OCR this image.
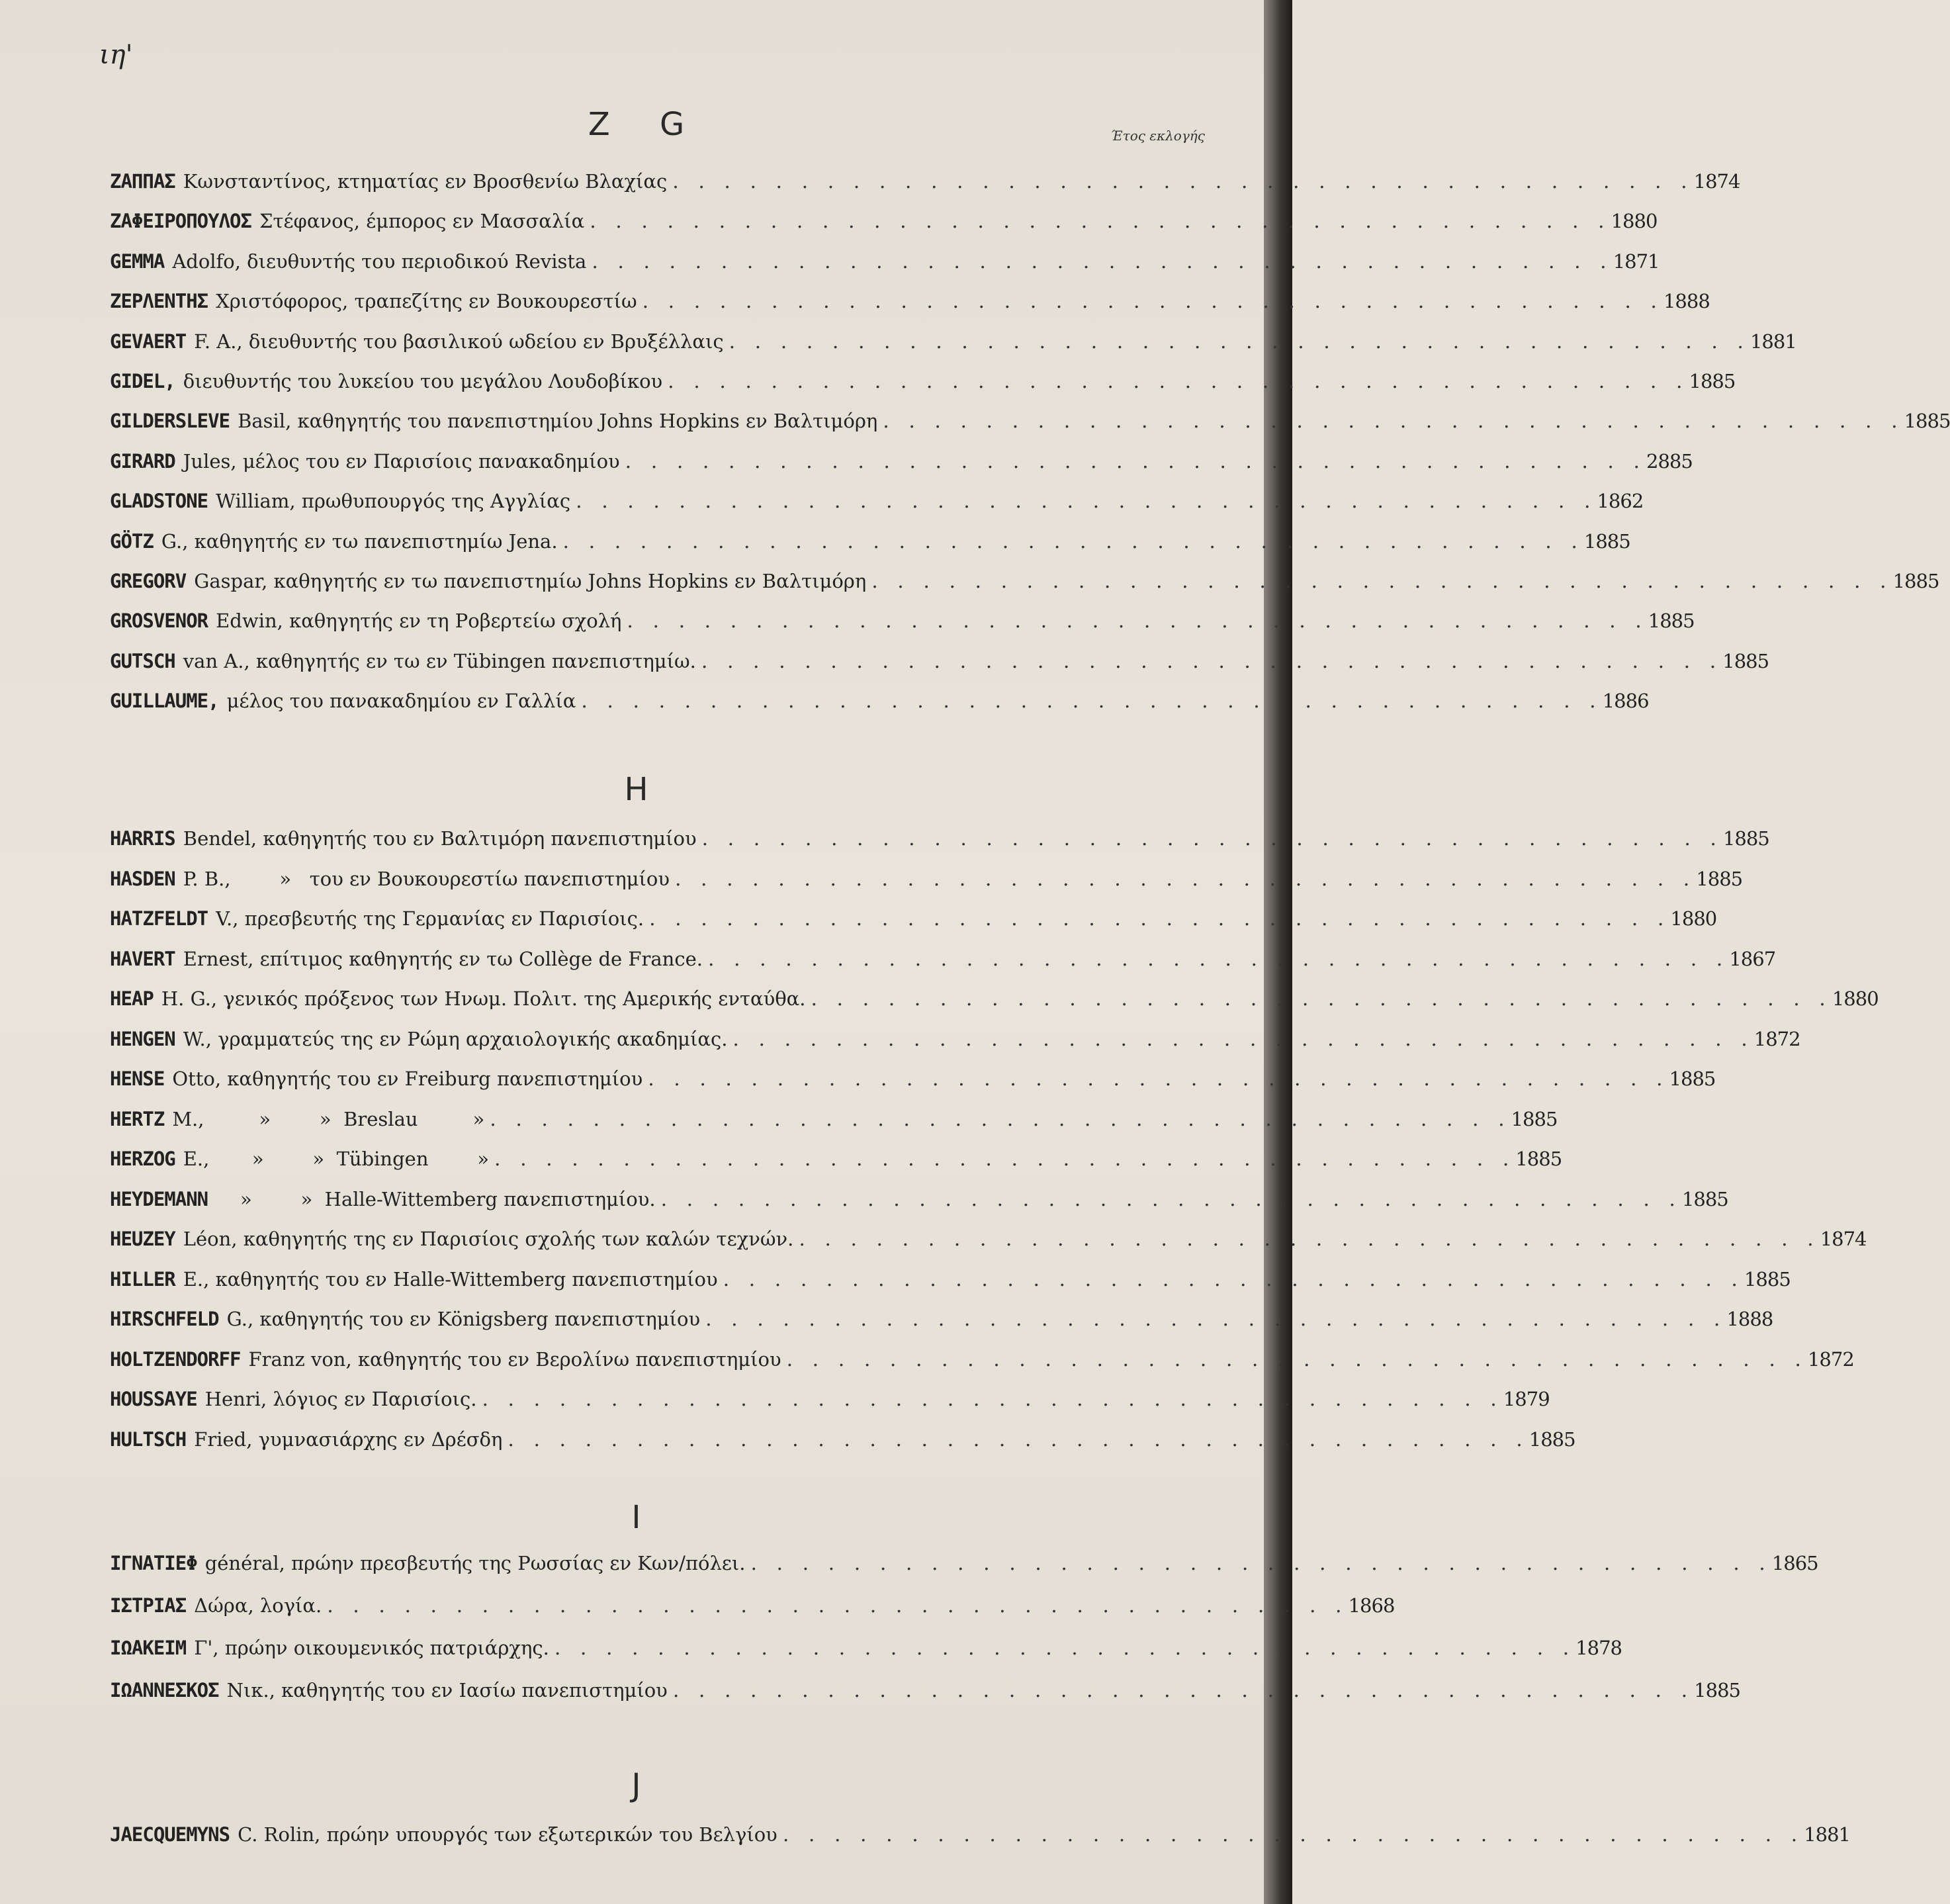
ιη'
Z G	Έτος εκλογής
H
I
J
ΖΑΠΠΑΣ Κωνσταντίνος, κτηματίας εν Βροσθενίω Βλαχίας . . . . . . . . . . . . . . . . . . . . . . . . . . . . . . . . . . . . . . . . 1874
ΖΑΦΕΙΡΟΠΟΥΛΟΣ Στέφανος, έμπορος εν Μασσαλία . . . . . . . . . . . . . . . . . . . . . . . . . . . . . . . . . . . . . . . . 1880
GEMMA Adolfo, διευθυντής του περιοδικού Revista . . . . . . . . . . . . . . . . . . . . . . . . . . . . . . . . . . . . . . . . 1871
ΖΕΡΛΕΝΤΗΣ Χριστόφορος, τραπεζίτης εν Βουκουρεστίω . . . . . . . . . . . . . . . . . . . . . . . . . . . . . . . . . . . . . . . . 1888
GEVAERT F. A., διευθυντής του βασιλικού ωδείου εν Βρυξέλλαις . . . . . . . . . . . . . . . . . . . . . . . . . . . . . . . . . . . . . . . . 1881
GIDEL, διευθυντής του λυκείου του μεγάλου Λουδοβίκου . . . . . . . . . . . . . . . . . . . . . . . . . . . . . . . . . . . . . . . . 1885
GILDERSLEVE Basil, καθηγητής του πανεπιστημίου Johns Hopkins εν Βαλτιμόρη . . . . . . . . . . . . . . . . . . . . . . . . . . . . . . . . . . . . . . . . 1885
GIRARD Jules, μέλος του εν Παρισίοις πανακαδημίου . . . . . . . . . . . . . . . . . . . . . . . . . . . . . . . . . . . . . . . . 2885
GLADSTONE William, πρωθυπουργός της Αγγλίας . . . . . . . . . . . . . . . . . . . . . . . . . . . . . . . . . . . . . . . . 1862
GÖTZ G., καθηγητής εν τω πανεπιστημίω Jena. . . . . . . . . . . . . . . . . . . . . . . . . . . . . . . . . . . . . . . . . 1885
GREGORV Gaspar, καθηγητής εν τω πανεπιστημίω Johns Hopkins εν Βαλτιμόρη . . . . . . . . . . . . . . . . . . . . . . . . . . . . . . . . . . . . . . . . 1885
GROSVENOR Edwin, καθηγητής εν τη Ροβερτείω σχολή . . . . . . . . . . . . . . . . . . . . . . . . . . . . . . . . . . . . . . . . 1885
GUTSCH van A., καθηγητής εν τω εν Tübingen πανεπιστημίω. . . . . . . . . . . . . . . . . . . . . . . . . . . . . . . . . . . . . . . . . 1885
GUILLAUME, μέλος του πανακαδημίου εν Γαλλία . . . . . . . . . . . . . . . . . . . . . . . . . . . . . . . . . . . . . . . . 1886
HARRIS Bendel, καθηγητής του εν Βαλτιμόρη πανεπιστημίου . . . . . . . . . . . . . . . . . . . . . . . . . . . . . . . . . . . . . . . . 1885
HASDEN P. B.,        »   του εν Βουκουρεστίω πανεπιστημίου . . . . . . . . . . . . . . . . . . . . . . . . . . . . . . . . . . . . . . . . 1885
HATZFELDT V., πρεσβευτής της Γερμανίας εν Παρισίοις. . . . . . . . . . . . . . . . . . . . . . . . . . . . . . . . . . . . . . . . . 1880
HAVERT Ernest, επίτιμος καθηγητής εν τω Collège de France. . . . . . . . . . . . . . . . . . . . . . . . . . . . . . . . . . . . . . . . . 1867
HEAP H. G., γενικός πρόξενος των Ηνωμ. Πολιτ. της Αμερικής ενταύθα. . . . . . . . . . . . . . . . . . . . . . . . . . . . . . . . . . . . . . . . . 1880
HENGEN W., γραμματεύς της εν Ρώμη αρχαιολογικής ακαδημίας. . . . . . . . . . . . . . . . . . . . . . . . . . . . . . . . . . . . . . . . . 1872
HENSE Otto, καθηγητής του εν Freiburg πανεπιστημίου . . . . . . . . . . . . . . . . . . . . . . . . . . . . . . . . . . . . . . . . 1885
HERTZ M.,         »        »  Breslau         » . . . . . . . . . . . . . . . . . . . . . . . . . . . . . . . . . . . . . . . . 1885
HERZOG E.,       »        »  Tübingen        » . . . . . . . . . . . . . . . . . . . . . . . . . . . . . . . . . . . . . . . . 1885
HEYDEMANN »        »  Halle-Wittemberg πανεπιστημίου. . . . . . . . . . . . . . . . . . . . . . . . . . . . . . . . . . . . . . . . . 1885
HEUZEY Léon, καθηγητής της εν Παρισίοις σχολής των καλών τεχνών. . . . . . . . . . . . . . . . . . . . . . . . . . . . . . . . . . . . . . . . . 1874
HILLER E., καθηγητής του εν Halle-Wittemberg πανεπιστημίου . . . . . . . . . . . . . . . . . . . . . . . . . . . . . . . . . . . . . . . . 1885
HIRSCHFELD G., καθηγητής του εν Königsberg πανεπιστημίου . . . . . . . . . . . . . . . . . . . . . . . . . . . . . . . . . . . . . . . . 1888
HOLTZENDORFF Franz von, καθηγητής του εν Βερολίνω πανεπιστημίου . . . . . . . . . . . . . . . . . . . . . . . . . . . . . . . . . . . . . . . . 1872
HOUSSAYE Henri, λόγιος εν Παρισίοις. . . . . . . . . . . . . . . . . . . . . . . . . . . . . . . . . . . . . . . . . 1879
HULTSCH Fried, γυμνασιάρχης εν Δρέσδη . . . . . . . . . . . . . . . . . . . . . . . . . . . . . . . . . . . . . . . . 1885
ΙΓΝΑΤΙΕΦ général, πρώην πρεσβευτής της Ρωσσίας εν Κων/πόλει. . . . . . . . . . . . . . . . . . . . . . . . . . . . . . . . . . . . . . . . . 1865
ΙΣΤΡΙΑΣ Δώρα, λογία. . . . . . . . . . . . . . . . . . . . . . . . . . . . . . . . . . . . . . . . . 1868
ΙΩΑΚΕΙΜ Γ', πρώην οικουμενικός πατριάρχης. . . . . . . . . . . . . . . . . . . . . . . . . . . . . . . . . . . . . . . . . 1878
ΙΩΑΝΝΕΣΚΟΣ Νικ., καθηγητής του εν Ιασίω πανεπιστημίου . . . . . . . . . . . . . . . . . . . . . . . . . . . . . . . . . . . . . . . . 1885
JAECQUEMYNS C. Rolin, πρώην υπουργός των εξωτερικών του Βελγίου . . . . . . . . . . . . . . . . . . . . . . . . . . . . . . . . . . . . . . . . 1881
